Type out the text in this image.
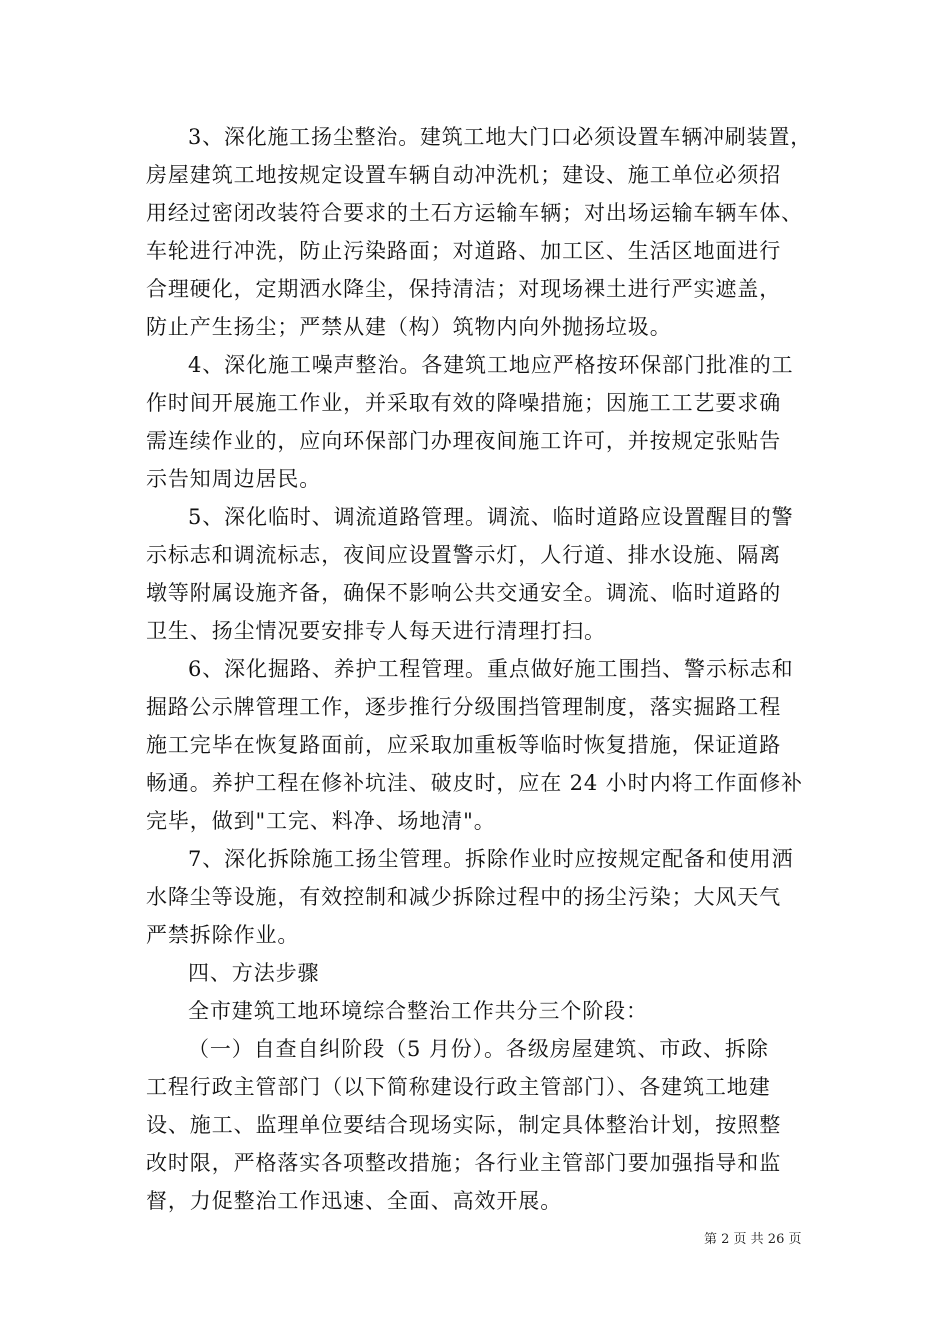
3、深化施工扬尘整治。建筑工地大门口必须设置车辆冲刷装置，
房屋建筑工地按规定设置车辆自动冲洗机；建设、施工单位必须招
用经过密闭改装符合要求的土石方运输车辆；对出场运输车辆车体、
车轮进行冲洗，防止污染路面；对道路、加工区、生活区地面进行
合理硬化，定期洒水降尘，保持清洁；对现场裸土进行严实遮盖，
防止产生扬尘；严禁从建（构）筑物内向外抛扬垃圾。
4、深化施工噪声整治。各建筑工地应严格按环保部门批准的工
作时间开展施工作业，并采取有效的降噪措施；因施工工艺要求确
需连续作业的，应向环保部门办理夜间施工许可，并按规定张贴告
示告知周边居民。
5、深化临时、调流道路管理。调流、临时道路应设置醒目的警
示标志和调流标志，夜间应设置警示灯，人行道、排水设施、隔离
墩等附属设施齐备，确保不影响公共交通安全。调流、临时道路的
卫生、扬尘情况要安排专人每天进行清理打扫。
6、深化掘路、养护工程管理。重点做好施工围挡、警示标志和
掘路公示牌管理工作，逐步推行分级围挡管理制度，落实掘路工程
施工完毕在恢复路面前，应采取加重板等临时恢复措施，保证道路
畅通。养护工程在修补坑洼、破皮时，应在 24 小时内将工作面修补
完毕，做到"工完、料净、场地清"。
7、深化拆除施工扬尘管理。拆除作业时应按规定配备和使用洒
水降尘等设施，有效控制和减少拆除过程中的扬尘污染；大风天气
严禁拆除作业。
四、方法步骤
全市建筑工地环境综合整治工作共分三个阶段：
（一）自查自纠阶段（5 月份）。各级房屋建筑、市政、拆除
工程行政主管部门（以下简称建设行政主管部门）、各建筑工地建
设、施工、监理单位要结合现场实际，制定具体整治计划，按照整
改时限，严格落实各项整改措施；各行业主管部门要加强指导和监
督，力促整治工作迅速、全面、高效开展。
第 2 页 共 26 页
